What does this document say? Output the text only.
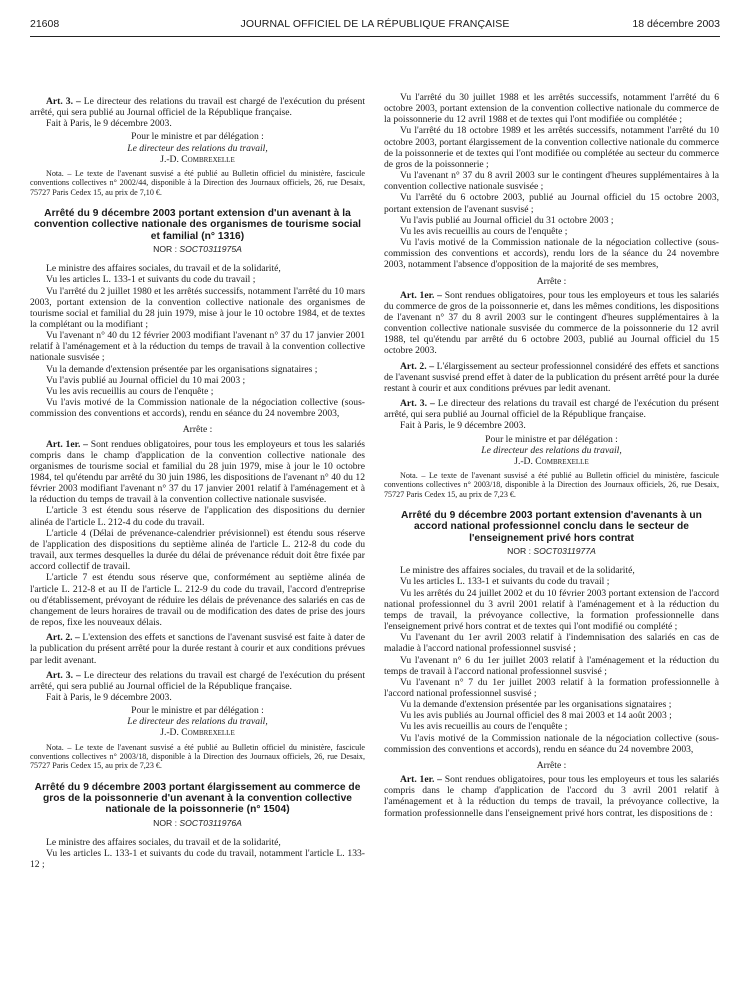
21608	JOURNAL OFFICIEL DE LA RÉPUBLIQUE FRANÇAISE	18 décembre 2003

Art. 3. – Le directeur des relations du travail est chargé de l'exécution du présent arrêté, qui sera publié au Journal officiel de la République française.

Fait à Paris, le 9 décembre 2003.

Pour le ministre et par délégation :
Le directeur des relations du travail,
J.-D. Combrexelle

Nota. – Le texte de l'avenant susvisé a été publié au Bulletin officiel du ministère, fascicule conventions collectives n° 2002/44, disponible à la Direction des Journaux officiels, 26, rue Desaix, 75727 Paris Cedex 15, au prix de 7,10 €.

Arrêté du 9 décembre 2003 portant extension d'un avenant à la convention collective nationale des organismes de tourisme social et familial (n° 1316)
NOR : SOCT0311975A

Le ministre des affaires sociales, du travail et de la solidarité,

Vu les articles L. 133-1 et suivants du code du travail ;

Vu l'arrêté du 2 juillet 1980 et les arrêtés successifs, notamment l'arrêté du 10 mars 2003, portant extension de la convention collective nationale des organismes de tourisme social et familial du 28 juin 1979, mise à jour le 10 octobre 1984, et de textes la complétant ou la modifiant ;

Vu l'avenant n° 40 du 12 février 2003 modifiant l'avenant n° 37 du 17 janvier 2001 relatif à l'aménagement et à la réduction du temps de travail à la convention collective nationale susvisée ;

Vu la demande d'extension présentée par les organisations signataires ;

Vu l'avis publié au Journal officiel du 10 mai 2003 ;

Vu les avis recueillis au cours de l'enquête ;

Vu l'avis motivé de la Commission nationale de la négociation collective (sous-commission des conventions et accords), rendu en séance du 24 novembre 2003,

Arrête :

Art. 1er. – Sont rendues obligatoires, pour tous les employeurs et tous les salariés compris dans le champ d'application de la convention collective nationale des organismes de tourisme social et familial du 28 juin 1979, mise à jour le 10 octobre 1984, tel qu'étendu par arrêté du 30 juin 1986, les dispositions de l'avenant n° 40 du 12 février 2003 modifiant l'avenant n° 37 du 17 janvier 2001 relatif à l'aménagement et à la réduction du temps de travail à la convention collective nationale susvisée.

L'article 3 est étendu sous réserve de l'application des dispositions du dernier alinéa de l'article L. 212-4 du code du travail.

L'article 4 (Délai de prévenance-calendrier prévisionnel) est étendu sous réserve de l'application des dispositions du septième alinéa de l'article L. 212-8 du code du travail, aux termes desquelles la durée du délai de prévenance réduit doit être fixée par accord collectif de travail.

L'article 7 est étendu sous réserve que, conformément au septième alinéa de l'article L. 212-8 et au II de l'article L. 212-9 du code du travail, l'accord d'entreprise ou d'établissement, prévoyant de réduire les délais de prévenance des salariés en cas de changement de leurs horaires de travail ou de modification des dates de prise des jours de repos, fixe les nouveaux délais.

Art. 2. – L'extension des effets et sanctions de l'avenant susvisé est faite à dater de la publication du présent arrêté pour la durée restant à courir et aux conditions prévues par ledit avenant.

Art. 3. – Le directeur des relations du travail est chargé de l'exécution du présent arrêté, qui sera publié au Journal officiel de la République française.

Fait à Paris, le 9 décembre 2003.

Pour le ministre et par délégation :
Le directeur des relations du travail,
J.-D. Combrexelle

Nota. – Le texte de l'avenant susvisé a été publié au Bulletin officiel du ministère, fascicule conventions collectives n° 2003/18, disponible à la Direction des Journaux officiels, 26, rue Desaix, 75727 Paris Cedex 15, au prix de 7,23 €.

Arrêté du 9 décembre 2003 portant élargissement au commerce de gros de la poissonnerie d'un avenant à la convention collective nationale de la poissonnerie (n° 1504)
NOR : SOCT0311976A

Le ministre des affaires sociales, du travail et de la solidarité,

Vu les articles L. 133-1 et suivants du code du travail, notamment l'article L. 133-12 ;

Vu l'arrêté du 30 juillet 1988 et les arrêtés successifs, notamment l'arrêté du 6 octobre 2003, portant extension de la convention collective nationale du commerce de la poissonnerie du 12 avril 1988 et de textes qui l'ont modifiée ou complétée ;

Vu l'arrêté du 18 octobre 1989 et les arrêtés successifs, notamment l'arrêté du 10 octobre 2003, portant élargissement de la convention collective nationale du commerce de la poissonnerie et de textes qui l'ont modifiée ou complétée au secteur du commerce de gros de la poissonnerie ;

Vu l'avenant n° 37 du 8 avril 2003 sur le contingent d'heures supplémentaires à la convention collective nationale susvisée ;

Vu l'arrêté du 6 octobre 2003, publié au Journal officiel du 15 octobre 2003, portant extension de l'avenant susvisé ;

Vu l'avis publié au Journal officiel du 31 octobre 2003 ;

Vu les avis recueillis au cours de l'enquête ;

Vu l'avis motivé de la Commission nationale de la négociation collective (sous-commission des conventions et accords), rendu lors de la séance du 24 novembre 2003, notamment l'absence d'opposition de la majorité de ses membres,

Arrête :

Art. 1er. – Sont rendues obligatoires, pour tous les employeurs et tous les salariés du commerce de gros de la poissonnerie et, dans les mêmes conditions, les dispositions de l'avenant n° 37 du 8 avril 2003 sur le contingent d'heures supplémentaires à la convention collective nationale susvisée du commerce de la poissonnerie du 12 avril 1988, tel qu'étendu par arrêté du 6 octobre 2003, publié au Journal officiel du 15 octobre 2003.

Art. 2. – L'élargissement au secteur professionnel considéré des effets et sanctions de l'avenant susvisé prend effet à dater de la publication du présent arrêté pour la durée restant à courir et aux conditions prévues par ledit avenant.

Art. 3. – Le directeur des relations du travail est chargé de l'exécution du présent arrêté, qui sera publié au Journal officiel de la République française.

Fait à Paris, le 9 décembre 2003.

Pour le ministre et par délégation :
Le directeur des relations du travail,
J.-D. Combrexelle

Nota. – Le texte de l'avenant susvisé a été publié au Bulletin officiel du ministère, fascicule conventions collectives n° 2003/18, disponible à la Direction des Journaux officiels, 26, rue Desaix, 75727 Paris Cedex 15, au prix de 7,23 €.

Arrêté du 9 décembre 2003 portant extension d'avenants à un accord national professionnel conclu dans le secteur de l'enseignement privé hors contrat
NOR : SOCT0311977A

Le ministre des affaires sociales, du travail et de la solidarité,

Vu les articles L. 133-1 et suivants du code du travail ;

Vu les arrêtés du 24 juillet 2002 et du 10 février 2003 portant extension de l'accord national professionnel du 3 avril 2001 relatif à l'aménagement et à la réduction du temps de travail, la prévoyance collective, la formation professionnelle dans l'enseignement privé hors contrat et de textes qui l'ont modifié ou complété ;

Vu l'avenant du 1er avril 2003 relatif à l'indemnisation des salariés en cas de maladie à l'accord national professionnel susvisé ;

Vu l'avenant n° 6 du 1er juillet 2003 relatif à l'aménagement et la réduction du temps de travail à l'accord national professionnel susvisé ;

Vu l'avenant n° 7 du 1er juillet 2003 relatif à la formation professionnelle à l'accord national professionnel susvisé ;

Vu la demande d'extension présentée par les organisations signataires ;

Vu les avis publiés au Journal officiel des 8 mai 2003 et 14 août 2003 ;

Vu les avis recueillis au cours de l'enquête ;

Vu l'avis motivé de la Commission nationale de la négociation collective (sous-commission des conventions et accords), rendu en séance du 24 novembre 2003,

Arrête :

Art. 1er. – Sont rendues obligatoires, pour tous les employeurs et tous les salariés compris dans le champ d'application de l'accord du 3 avril 2001 relatif à l'aménagement et à la réduction du temps de travail, la prévoyance collective, la formation professionnelle dans l'enseignement privé hors contrat, les dispositions de :
